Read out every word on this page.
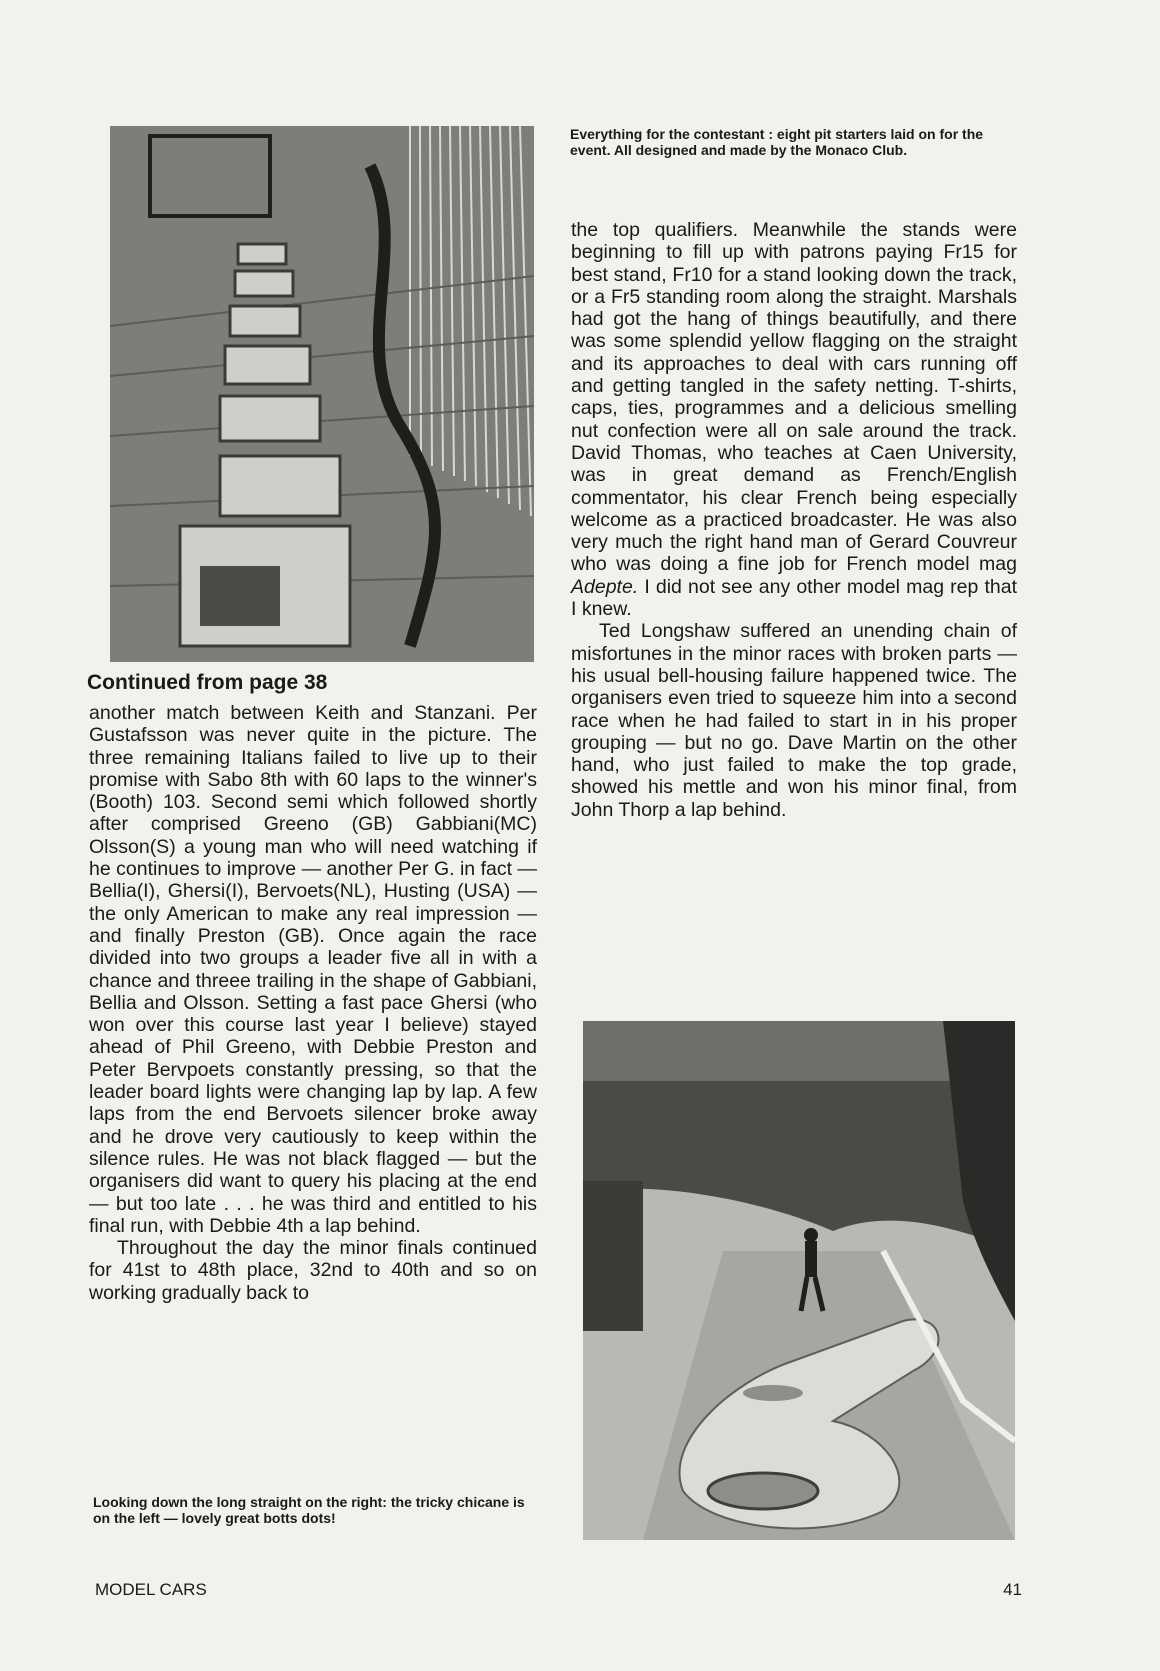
Everything for the contestant : eight pit starters laid on for the event. All designed and made by the Monaco Club.

Continued from page 38

another match between Keith and Stanzani. Per Gustafsson was never quite in the picture. The three remaining Italians failed to live up to their promise with Sabo 8th with 60 laps to the winner's (Booth) 103. Second semi which followed shortly after comprised Greeno (GB) Gabbiani(MC) Olsson(S) a young man who will need watching if he continues to improve — another Per G. in fact — Bellia(I), Ghersi(I), Bervoets(NL), Husting (USA) — the only American to make any real impression — and finally Preston (GB). Once again the race divided into two groups a leader five all in with a chance and threee trailing in the shape of Gabbiani, Bellia and Olsson. Setting a fast pace Ghersi (who won over this course last year I believe) stayed ahead of Phil Greeno, with Debbie Preston and Peter Bervpoets constantly pressing, so that the leader board lights were changing lap by lap. A few laps from the end Bervoets silencer broke away and he drove very cautiously to keep within the silence rules. He was not black flagged — but the organisers did want to query his placing at the end — but too late . . . he was third and entitled to his final run, with Debbie 4th a lap behind.

Throughout the day the minor finals continued for 41st to 48th place, 32nd to 40th and so on working gradually back to

the top qualifiers. Meanwhile the stands were beginning to fill up with patrons paying Fr15 for best stand, Fr10 for a stand looking down the track, or a Fr5 standing room along the straight. Marshals had got the hang of things beautifully, and there was some splendid yellow flagging on the straight and its approaches to deal with cars running off and getting tangled in the safety netting. T-shirts, caps, ties, programmes and a delicious smelling nut confection were all on sale around the track. David Thomas, who teaches at Caen University, was in great demand as French/English commentator, his clear French being especially welcome as a practiced broadcaster. He was also very much the right hand man of Gerard Couvreur who was doing a fine job for French model mag Adepte. I did not see any other model mag rep that I knew.

Ted Longshaw suffered an unending chain of misfortunes in the minor races with broken parts — his usual bell-housing failure happened twice. The organisers even tried to squeeze him into a second race when he had failed to start in in his proper grouping — but no go. Dave Martin on the other hand, who just failed to make the top grade, showed his mettle and won his minor final, from John Thorp a lap behind.

Looking down the long straight on the right: the tricky chicane is on the left — lovely great botts dots!

MODEL CARS	41
